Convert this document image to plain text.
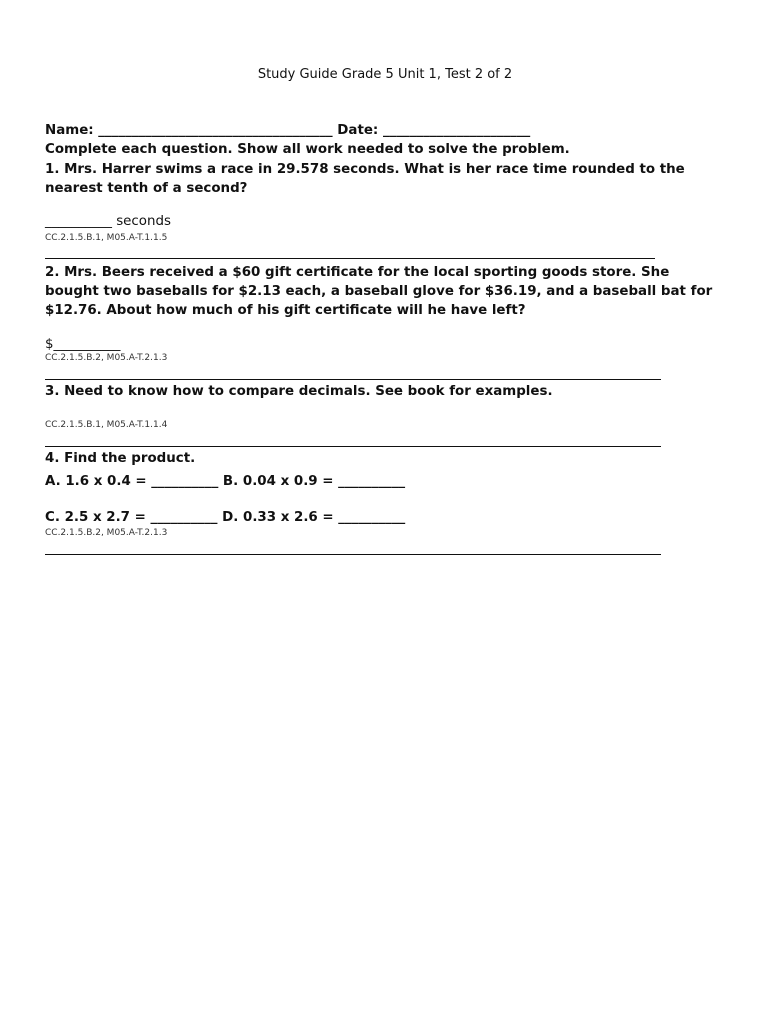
Study Guide Grade 5 Unit 1, Test 2 of 2
Name: ___________________________________ Date: ______________________
Complete each question. Show all work needed to solve the problem.
1. Mrs. Harrer swims a race in 29.578 seconds. What is her race time rounded to the nearest tenth of a second?
__________ seconds
CC.2.1.5.B.1, M05.A-T.1.1.5
2. Mrs. Beers received a $60 gift certificate for the local sporting goods store. She bought two baseballs for $2.13 each, a baseball glove for $36.19, and a baseball bat for $12.76. About how much of his gift certificate will he have left?
$__________
CC.2.1.5.B.2, M05.A-T.2.1.3
3. Need to know how to compare decimals. See book for examples.
CC.2.1.5.B.1, M05.A-T.1.1.4
4. Find the product.
A. 1.6 x 0.4 = __________ B. 0.04 x 0.9 = __________
C. 2.5 x 2.7 = __________ D. 0.33 x 2.6 = __________
CC.2.1.5.B.2, M05.A-T.2.1.3
